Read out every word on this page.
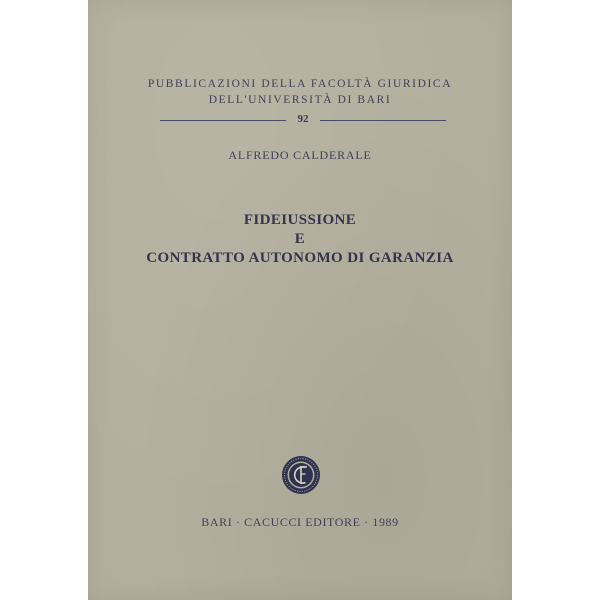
PUBBLICAZIONI DELLA FACOLTÀ GIURIDICA
DELL'UNIVERSITÀ DI BARI
92
ALFREDO CALDERALE
FIDEIUSSIONE
E
CONTRATTO AUTONOMO DI GARANZIA
BARI · CACUCCI EDITORE · 1989
